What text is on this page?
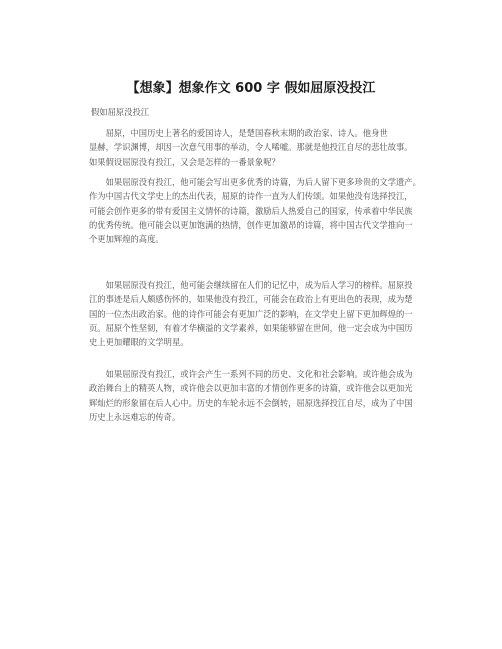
【想象】想象作文 600 字 假如屈原没投江

假如屈原没投江

　　屈原，中国历史上著名的爱国诗人，是楚国春秋末期的政治家、诗人。他身世
显赫，学识渊博，却因一次意气用事的举动，令人唏嘘。那就是他投江自尽的悲壮故事。
如果假设屈原没有投江，又会是怎样的一番景象呢？

　　如果屈原没有投江，他可能会写出更多优秀的诗篇，为后人留下更多珍贵的文学遗产。
作为中国古代文学史上的杰出代表，屈原的诗作一直为人们传颂。如果他没有选择投江，
可能会创作更多的带有爱国主义情怀的诗篇，激励后人热爱自己的国家，传承着中华民族
的优秀传统。他可能会以更加饱满的热情，创作更加激昂的诗篇，将中国古代文学推向一
个更加辉煌的高度。

　　如果屈原没有投江，他可能会继续留在人们的记忆中，成为后人学习的榜样。屈原投
江的事迹是后人颇感伤怀的，如果他没有投江，可能会在政治上有更出色的表现，成为楚
国的一位杰出政治家。他的诗作可能会有更加广泛的影响，在文学史上留下更加辉煌的一
页。屈原个性坚韧，有着才华横溢的文学素养，如果能够留在世间，他一定会成为中国历
史上更加耀眼的文学明星。

　　如果屈原没有投江，或许会产生一系列不同的历史、文化和社会影响。或许他会成为
政治舞台上的精英人物，或许他会以更加丰富的才情创作更多的诗篇，或许他会以更加光
辉灿烂的形象留在后人心中。历史的车轮永远不会倒转，屈原选择投江自尽，成为了中国
历史上永远难忘的传奇。
